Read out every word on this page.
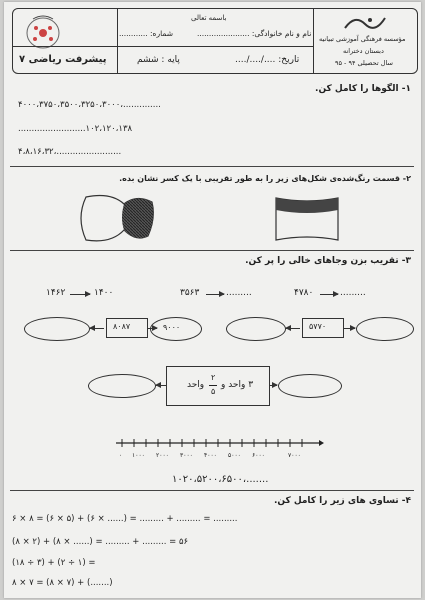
پیشرفت ریاضی ۷
باسمه تعالی
شماره: ............	نام و نام خانوادگی: ......................
پایه : ششم	تاریخ: ..../..../....
مؤسسه فرهنگی آموزشی تبیانیه
دبستان دخترانه
سال تحصیلی ۹۴ - ۹۵
۱- الگوها را کامل کن.
۴۰۰۰،۳۷۵۰،۳۵۰۰،۳۲۵۰،۳۰۰۰،..............
.........................۱۰۲،۱۲۰،۱۳۸
۴،۸،۱۶،۳۲،........................
۲- قسمت رنگ‌شده‌ی شکل‌های زیر را به طور تقریبی با یک کسر نشان بده.
۳- تقریب بزن وجاهای خالی را پر کن.
۱۴۶۲	۱۴۰۰	۳۵۶۳	.........	۴۷۸۰	.........
۸۰۸۷	۹۰۰۰	۵۷۷۰
واحد
۲
۵
۳ واحد و
۰ ۱۰۰۰ ۲۰۰۰ ۳۰۰۰ ۴۰۰۰ ۵۰۰۰ ۶۰۰۰	۷۰۰۰
۱۰۲۰،۵۲۰۰،۶۵۰۰،.......
۴- تساوی های زیر را کامل کن.
۶ × ۸ = (۶ × ۵) + (۶ × ......) = ......... + ......... = .........
(۸ × ۲) + (۸ × ......) = ......... + ......... = ۵۶
(۱۸ ÷ ۳) + (۲ ÷ ۱) =
۸ × ۷ = (۸ × ۷) + (.......)
